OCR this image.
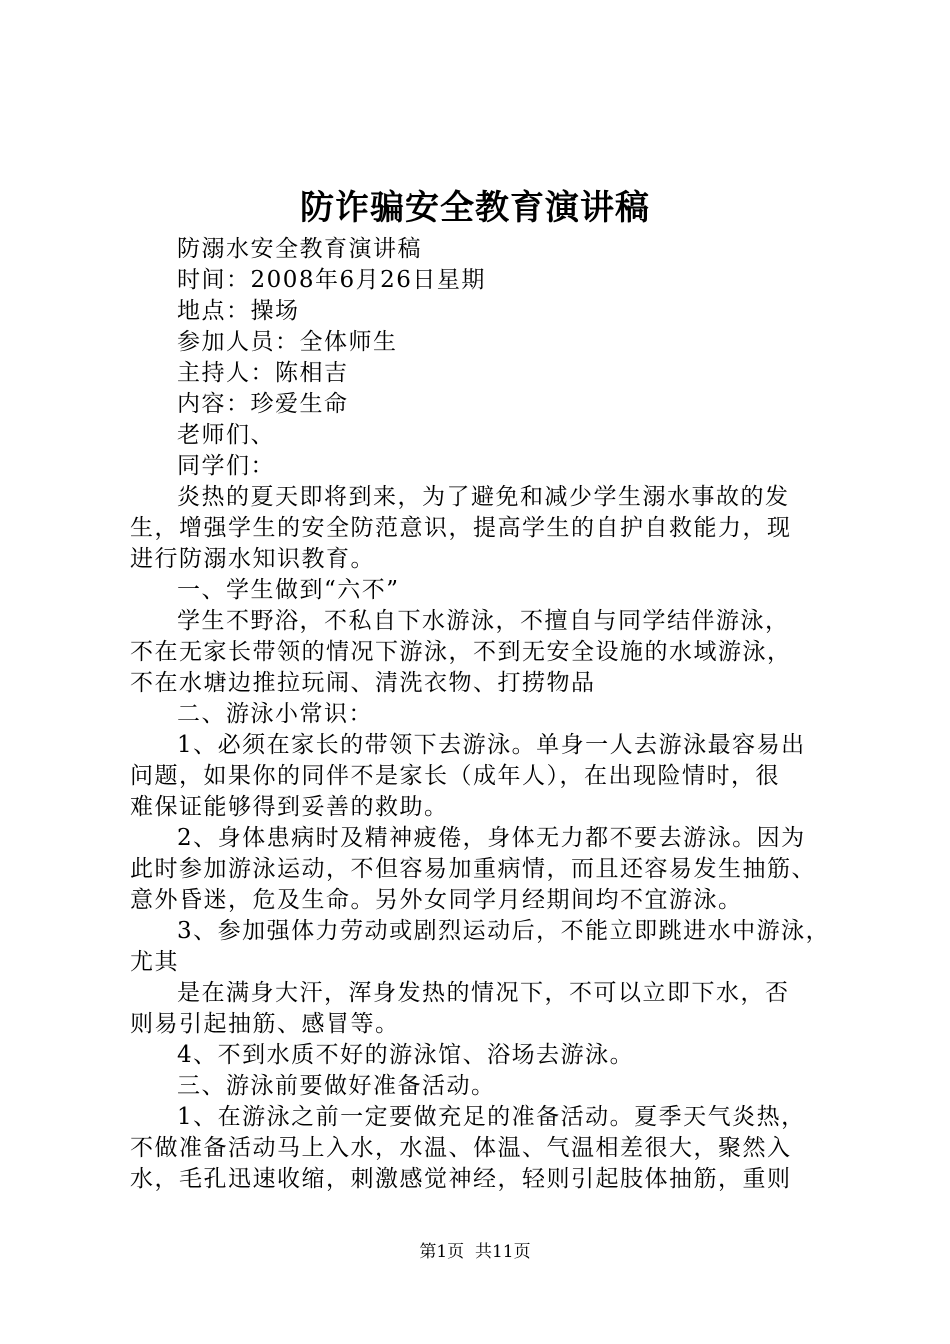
防诈骗安全教育演讲稿
防溺水安全教育演讲稿
时间：2008年6月26日星期
地点：操场
参加人员：全体师生
主持人：陈相吉
内容：珍爱生命
老师们、
同学们：
炎热的夏天即将到来，为了避免和减少学生溺水事故的发
生，增强学生的安全防范意识，提高学生的自护自救能力，现
进行防溺水知识教育。
一、学生做到“六不”
学生不野浴，不私自下水游泳，不擅自与同学结伴游泳，
不在无家长带领的情况下游泳，不到无安全设施的水域游泳，
不在水塘边推拉玩闹、清洗衣物、打捞物品
二、游泳小常识：
1、必须在家长的带领下去游泳。单身一人去游泳最容易出
问题，如果你的同伴不是家长（成年人），在出现险情时，很
难保证能够得到妥善的救助。
2、身体患病时及精神疲倦，身体无力都不要去游泳。因为
此时参加游泳运动，不但容易加重病情，而且还容易发生抽筋、
意外昏迷，危及生命。另外女同学月经期间均不宜游泳。
3、参加强体力劳动或剧烈运动后，不能立即跳进水中游泳，
尤其
是在满身大汗，浑身发热的情况下，不可以立即下水，否
则易引起抽筋、感冒等。
4、不到水质不好的游泳馆、浴场去游泳。
三、游泳前要做好准备活动。
1、在游泳之前一定要做充足的准备活动。夏季天气炎热，
不做准备活动马上入水，水温、体温、气温相差很大，聚然入
水，毛孔迅速收缩，刺激感觉神经，轻则引起肢体抽筋，重则
第1页  共11页
